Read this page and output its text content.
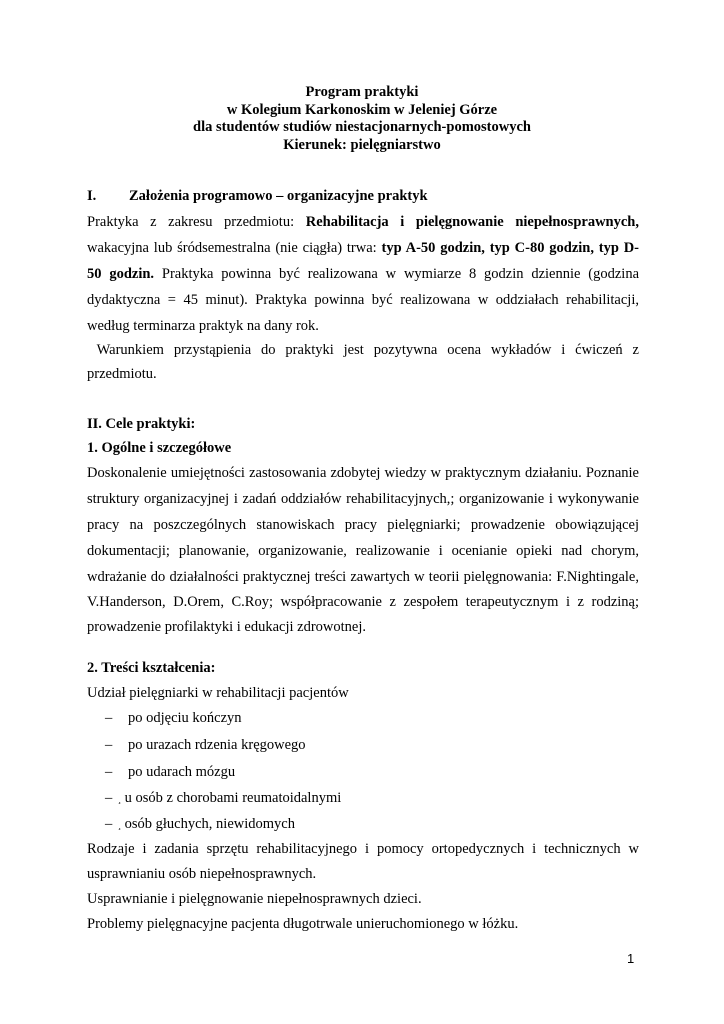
Program praktyki
w Kolegium Karkonoskim w Jeleniej Górze
dla studentów studiów niestacjonarnych-pomostowych
Kierunek: pielęgniarstwo
I. Założenia programowo – organizacyjne praktyk
Praktyka z zakresu przedmiotu: Rehabilitacja i pielęgnowanie niepełnosprawnych,
wakacyjna lub śródsemestralna (nie ciągła) trwa: typ A-50 godzin, typ C-80 godzin, typ D-
50 godzin. Praktyka powinna być realizowana w wymiarze 8 godzin dziennie (godzina
dydaktyczna = 45 minut). Praktyka powinna być realizowana w oddziałach rehabilitacji,
według terminarza praktyk na dany rok.
Warunkiem przystąpienia do praktyki jest pozytywna ocena wykładów i ćwiczeń z
przedmiotu.
II. Cele praktyki:
1. Ogólne i szczegółowe
Doskonalenie umiejętności zastosowania zdobytej wiedzy w praktycznym działaniu. Poznanie
struktury organizacyjnej i zadań oddziałów rehabilitacyjnych,; organizowanie i wykonywanie
pracy na poszczególnych stanowiskach pracy pielęgniarki; prowadzenie obowiązującej
dokumentacji; planowanie, organizowanie, realizowanie i ocenianie opieki nad chorym,
wdrażanie do działalności praktycznej treści zawartych w teorii pielęgnowania: F.Nightingale,
V.Handerson, D.Orem, C.Roy; współpracowanie z zespołem terapeutycznym i z rodziną;
prowadzenie profilaktyki i edukacji zdrowotnej.
2. Treści kształcenia:
Udział pielęgniarki w rehabilitacji pacjentów
– po odjęciu kończyn
– po urazach rdzenia kręgowego
– po udarach mózgu
– ¸ u osób z chorobami reumatoidalnymi
– ¸ osób głuchych, niewidomych
Rodzaje i zadania sprzętu rehabilitacyjnego i pomocy ortopedycznych i technicznych w
usprawnianiu osób niepełnosprawnych.
Usprawnianie i pielęgnowanie niepełnosprawnych dzieci.
Problemy pielęgnacyjne pacjenta długotrwale unieruchomionego w łóżku.
1
